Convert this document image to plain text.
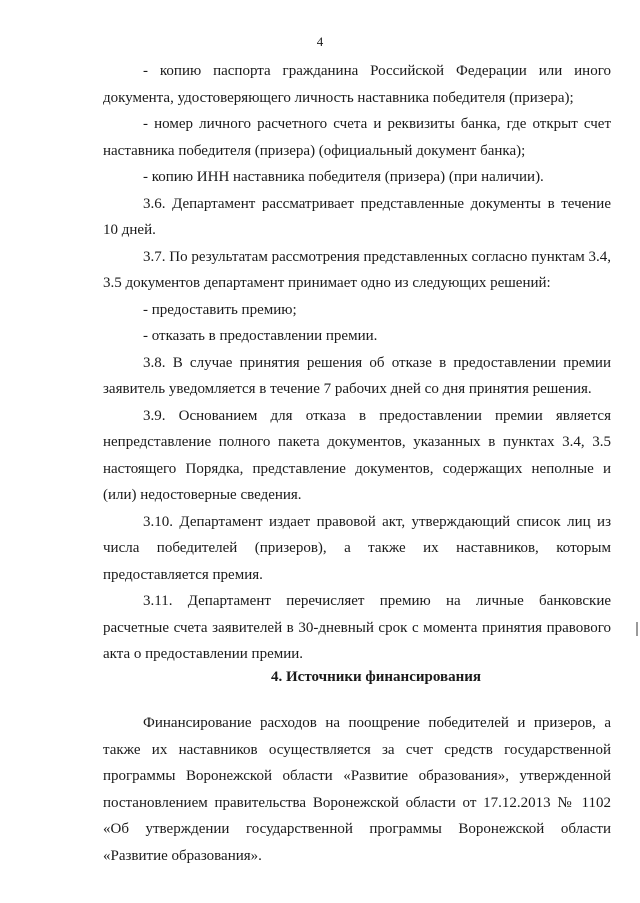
4

- копию паспорта гражданина Российской Федерации или иного документа, удостоверяющего личность наставника победителя (призера);

- номер личного расчетного счета и реквизиты банка, где открыт счет наставника победителя (призера) (официальный документ банка);

- копию ИНН наставника победителя (призера) (при наличии).

3.6. Департамент рассматривает представленные документы в течение 10 дней.

3.7. По результатам рассмотрения представленных согласно пунктам 3.4, 3.5 документов департамент принимает одно из следующих решений:

- предоставить премию;

- отказать в предоставлении премии.

3.8. В случае принятия решения об отказе в предоставлении премии заявитель уведомляется в течение 7 рабочих дней со дня принятия решения.

3.9. Основанием для отказа в предоставлении премии является непредставление полного пакета документов, указанных в пунктах 3.4, 3.5 настоящего Порядка, представление документов, содержащих неполные и (или) недостоверные сведения.

3.10. Департамент издает правовой акт, утверждающий список лиц из числа победителей (призеров), а также их наставников, которым предоставляется премия.

3.11. Департамент перечисляет премию на личные банковские расчетные счета заявителей в 30-дневный срок с момента принятия правового акта о предоставлении премии.

4. Источники финансирования

Финансирование расходов на поощрение победителей и призеров, а также их наставников осуществляется за счет средств государственной программы Воронежской области «Развитие образования», утвержденной постановлением правительства Воронежской области от 17.12.2013 № 1102 «Об утверждении государственной программы Воронежской области «Развитие образования».
